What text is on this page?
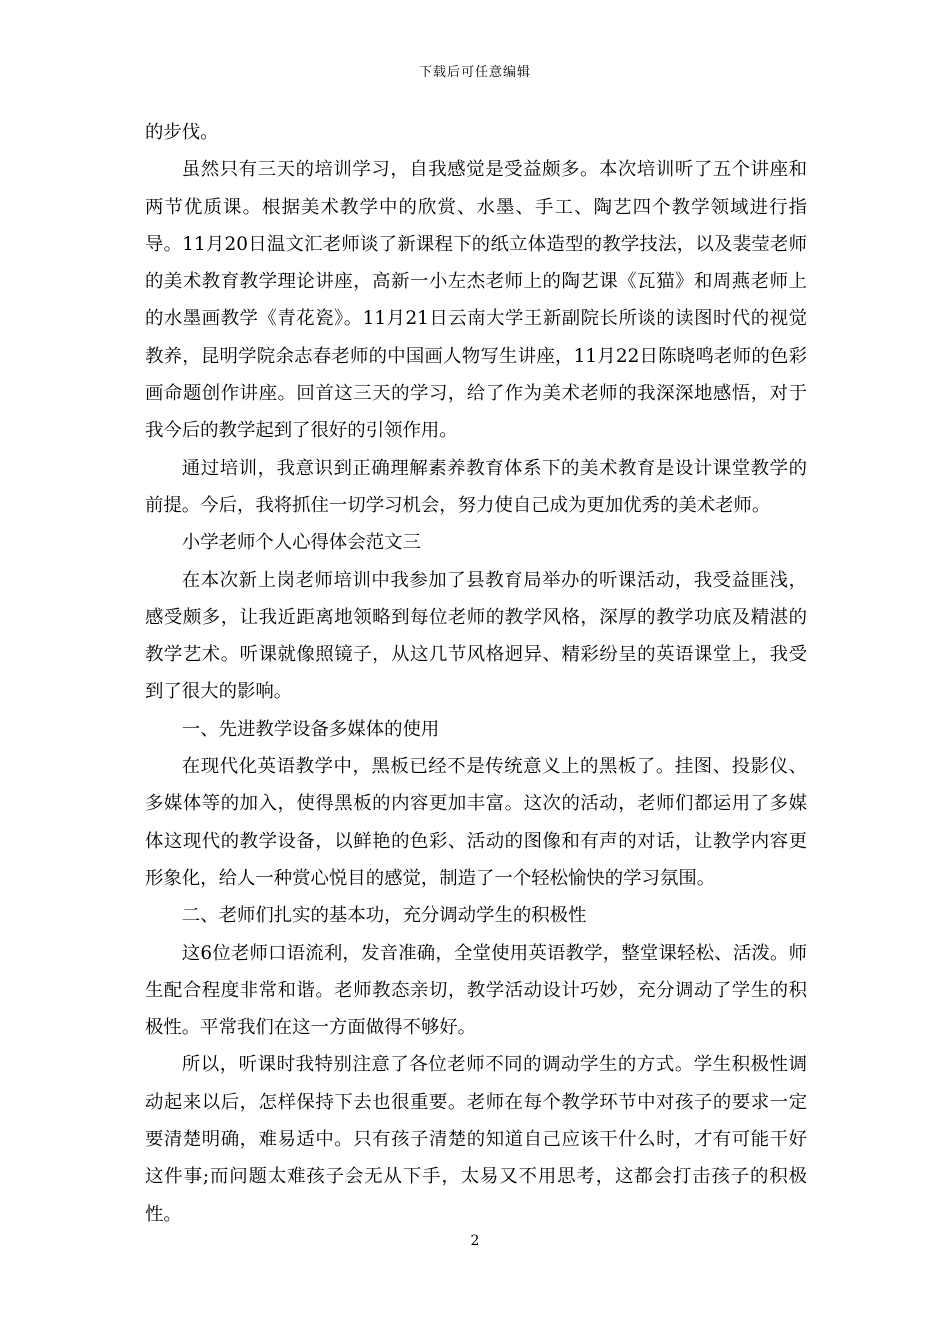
下载后可任意编辑

的步伐。

虽然只有三天的培训学习，自我感觉是受益颇多。本次培训听了五个讲座和两节优质课。根据美术教学中的欣赏、水墨、手工、陶艺四个教学领域进行指导。11月20日温文汇老师谈了新课程下的纸立体造型的教学技法，以及裴莹老师的美术教育教学理论讲座，高新一小左杰老师上的陶艺课《瓦猫》和周燕老师上的水墨画教学《青花瓷》。11月21日云南大学王新副院长所谈的读图时代的视觉教养，昆明学院余志春老师的中国画人物写生讲座，11月22日陈晓鸣老师的色彩画命题创作讲座。回首这三天的学习，给了作为美术老师的我深深地感悟，对于我今后的教学起到了很好的引领作用。

通过培训，我意识到正确理解素养教育体系下的美术教育是设计课堂教学的前提。今后，我将抓住一切学习机会，努力使自己成为更加优秀的美术老师。

小学老师个人心得体会范文三

在本次新上岗老师培训中我参加了县教育局举办的听课活动，我受益匪浅，感受颇多，让我近距离地领略到每位老师的教学风格，深厚的教学功底及精湛的教学艺术。听课就像照镜子，从这几节风格迥异、精彩纷呈的英语课堂上，我受到了很大的影响。

一、先进教学设备多媒体的使用

在现代化英语教学中，黑板已经不是传统意义上的黑板了。挂图、投影仪、多媒体等的加入，使得黑板的内容更加丰富。这次的活动，老师们都运用了多媒体这现代的教学设备，以鲜艳的色彩、活动的图像和有声的对话，让教学内容更形象化，给人一种赏心悦目的感觉，制造了一个轻松愉快的学习氛围。

二、老师们扎实的基本功，充分调动学生的积极性

这6位老师口语流利，发音准确，全堂使用英语教学，整堂课轻松、活泼。师生配合程度非常和谐。老师教态亲切，教学活动设计巧妙，充分调动了学生的积极性。平常我们在这一方面做得不够好。

所以，听课时我特别注意了各位老师不同的调动学生的方式。学生积极性调动起来以后，怎样保持下去也很重要。老师在每个教学环节中对孩子的要求一定要清楚明确，难易适中。只有孩子清楚的知道自己应该干什么时，才有可能干好这件事;而问题太难孩子会无从下手，太易又不用思考，这都会打击孩子的积极性。

2
